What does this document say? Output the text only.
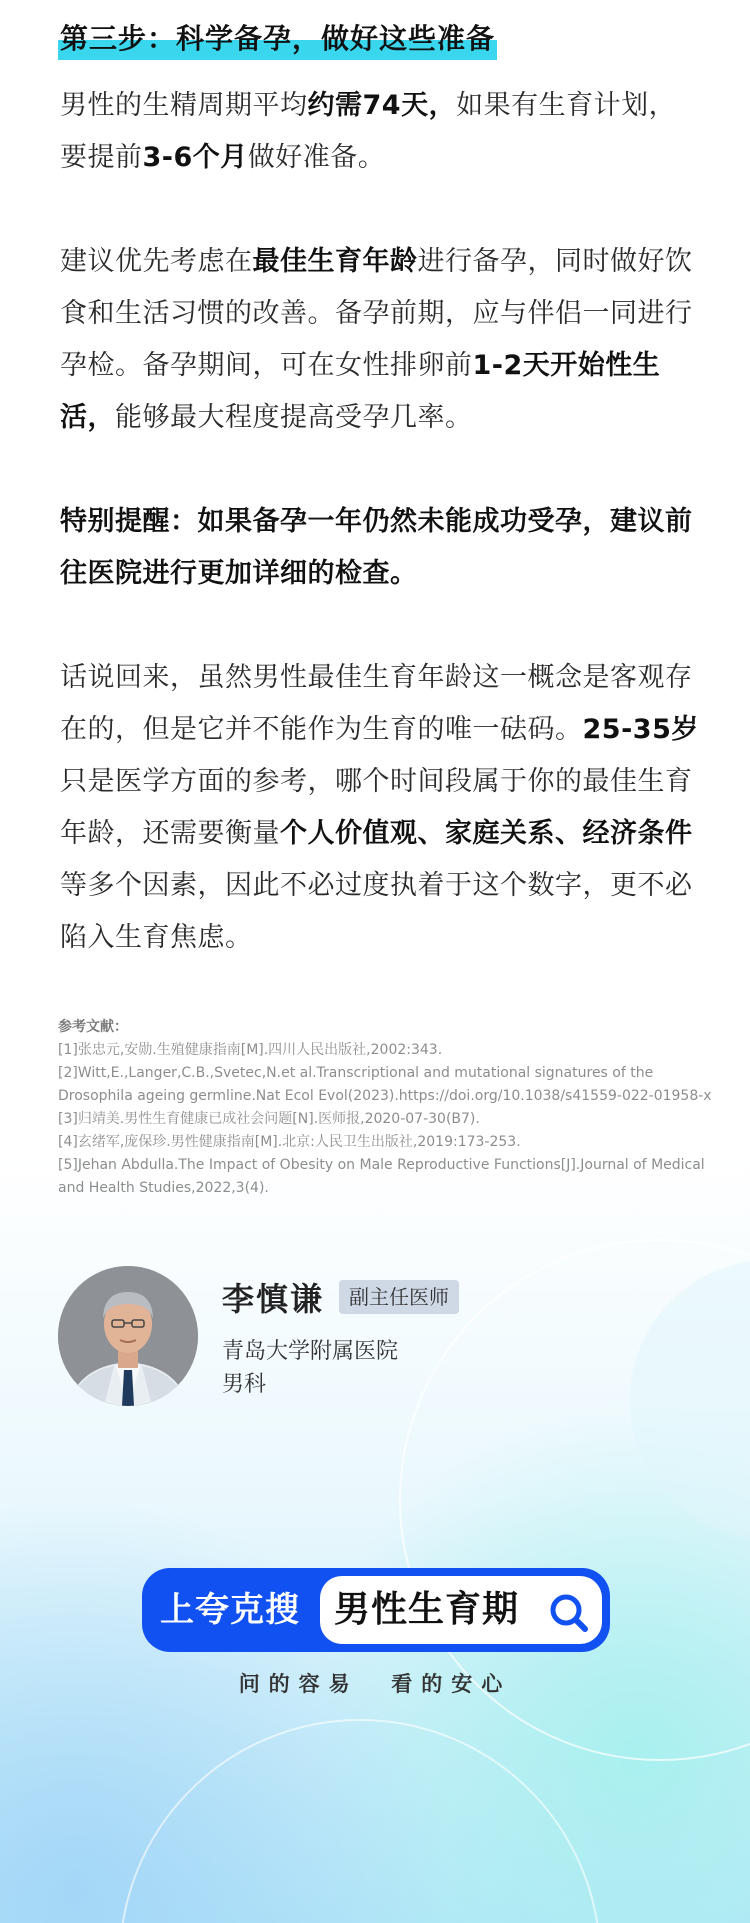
第三步：科学备孕，做好这些准备

男性的生精周期平均约需74天，如果有生育计划，要提前3-6个月做好准备。

建议优先考虑在最佳生育年龄进行备孕，同时做好饮食和生活习惯的改善。备孕前期，应与伴侣一同进行孕检。备孕期间，可在女性排卵前1-2天开始性生活，能够最大程度提高受孕几率。

特别提醒：如果备孕一年仍然未能成功受孕，建议前往医院进行更加详细的检查。

话说回来，虽然男性最佳生育年龄这一概念是客观存在的，但是它并不能作为生育的唯一砝码。25-35岁只是医学方面的参考，哪个时间段属于你的最佳生育年龄，还需要衡量个人价值观、家庭关系、经济条件等多个因素，因此不必过度执着于这个数字，更不必陷入生育焦虑。

参考文献：
[1]张忠元,安勋.生殖健康指南[M].四川人民出版社,2002:343.
[2]Witt,E.,Langer,C.B.,Svetec,N.et al.Transcriptional and mutational signatures of the
Drosophila ageing germline.Nat Ecol Evol(2023).https://doi.org/10.1038/s41559-022-01958-x
[3]归靖美.男性生育健康已成社会问题[N].医师报,2020-07-30(B7).
[4]玄绪军,庞保珍.男性健康指南[M].北京:人民卫生出版社,2019:173-253.
[5]Jehan Abdulla.The Impact of Obesity on Male Reproductive Functions[J].Journal of Medical
and Health Studies,2022,3(4).
李慎谦	副主任医师
青岛大学附属医院
男科
上夸克搜 男性生育期
问的容易  看的安心
